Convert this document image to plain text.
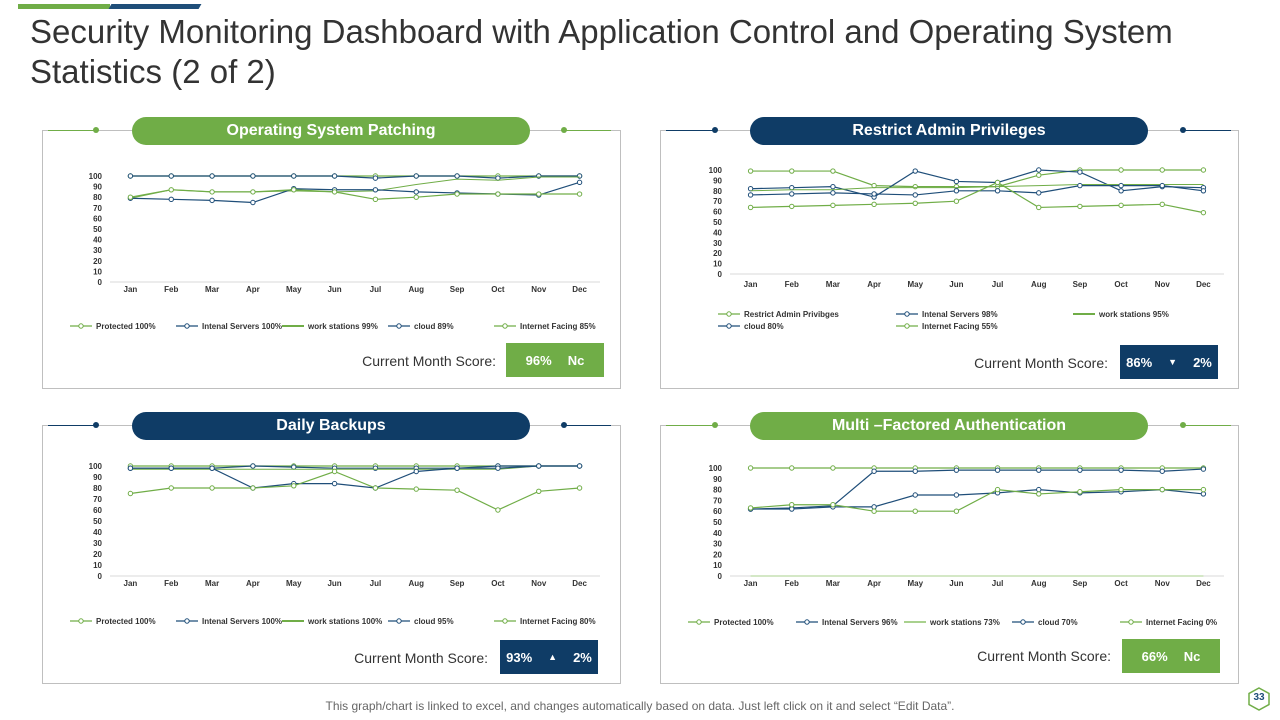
Security Monitoring Dashboard with Application Control and Operating System Statistics (2 of 2)
Operating System Patching
0
10
20
30
40
50
60
70
80
90
100
Jan	Feb	Mar	Apr	May	Jun	Jul	Aug	Sep	Oct	Nov	Dec
Protected 100%	Intenal Servers 100%	work stations 99%	cloud 89%	Internet Facing 85%
Current Month Score: 96% Nc
Restrict Admin Privileges
0
10
20
30
40
50
60
70
80
90
100
Jan	Feb	Mar	Apr	May	Jun	Jul	Aug	Sep	Oct	Nov	Dec
Restrict Admin Privibges	Intenal Servers 98%	work stations 95%
cloud 80%	Internet Facing 55%
Current Month Score: 86% ▼ 2%
Daily Backups
0
10
20
30
40
50
60
70
80
90
100
Jan	Feb	Mar	Apr	May	Jun	Jul	Aug	Sep	Oct	Nov	Dec
Protected 100%	Intenal Servers 100%	work stations 100%	cloud 95%	Internet Facing 80%
Current Month Score: 93% ▲ 2%
Multi –Factored Authentication
0
10
20
30
40
50
60
70
80
90
100
Jan	Feb	Mar	Apr	May	Jun	Jul	Aug	Sep	Oct	Nov	Dec
Protected 100%	Intenal Servers 96%	work stations 73%	cloud 70%	Internet Facing 0%
Current Month Score: 66% Nc
This graph/chart is linked to excel, and changes automatically based on data. Just left click on it and select “Edit Data”.
33
